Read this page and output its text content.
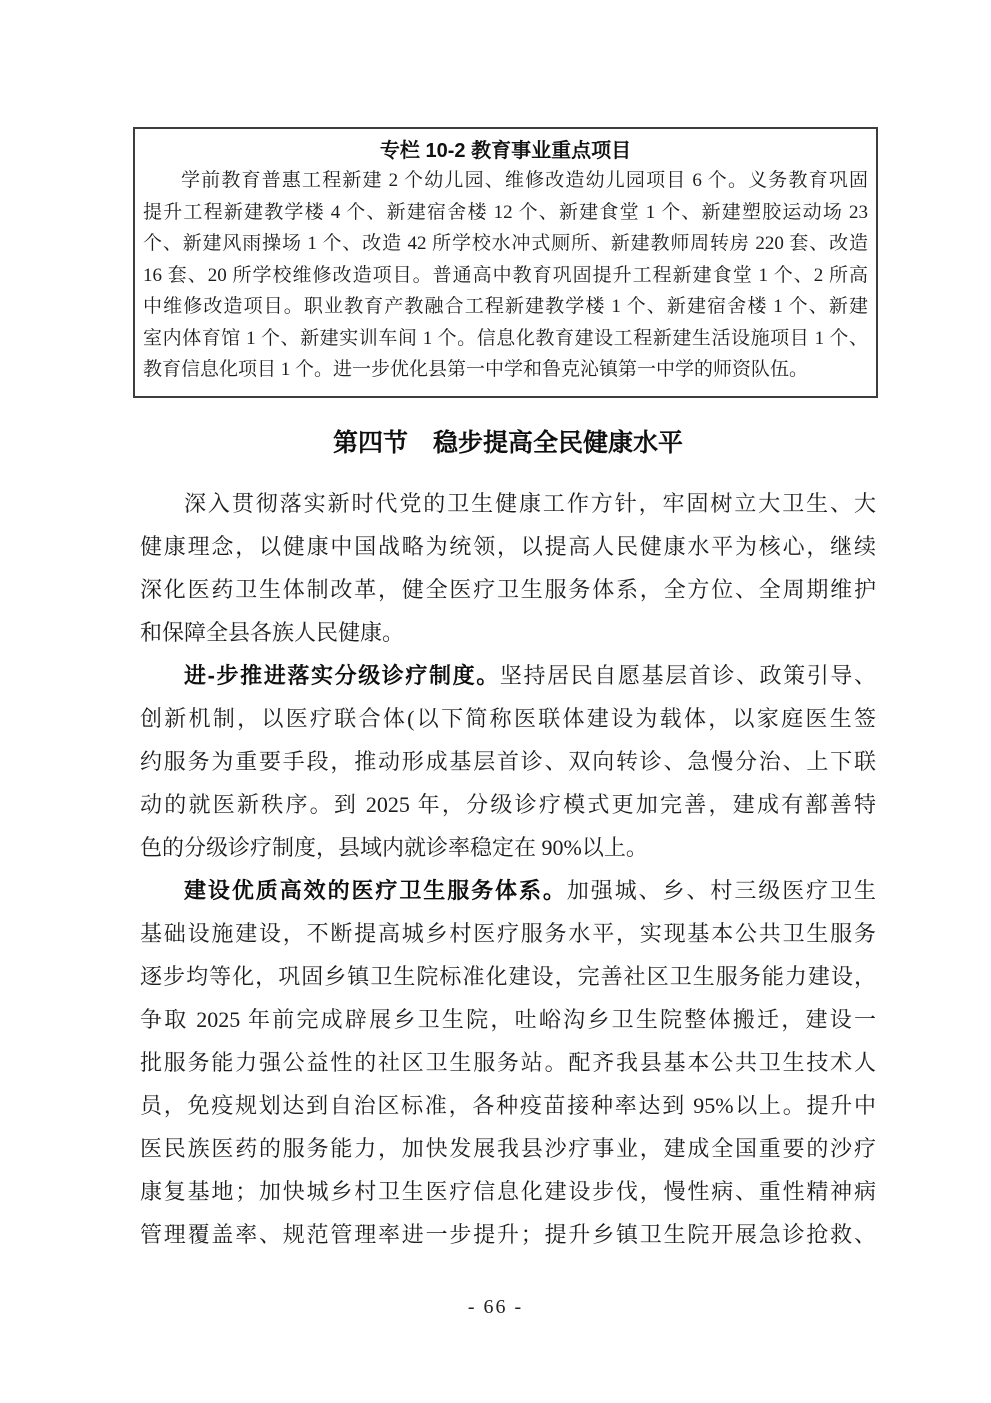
专栏 10-2 教育事业重点项目
学前教育普惠工程新建 2 个幼儿园、维修改造幼儿园项目 6 个。义务教育巩固
提升工程新建教学楼 4 个、新建宿舍楼 12 个、新建食堂 1 个、新建塑胶运动场 23
个、新建风雨操场 1 个、改造 42 所学校水冲式厕所、新建教师周转房 220 套、改造
16 套、20 所学校维修改造项目。普通高中教育巩固提升工程新建食堂 1 个、2 所高
中维修改造项目。职业教育产教融合工程新建教学楼 1 个、新建宿舍楼 1 个、新建
室内体育馆 1 个、新建实训车间 1 个。信息化教育建设工程新建生活设施项目 1 个、
教育信息化项目 1 个。进一步优化县第一中学和鲁克沁镇第一中学的师资队伍。
第四节　稳步提高全民健康水平
深入贯彻落实新时代党的卫生健康工作方针，牢固树立大卫生、大
健康理念，以健康中国战略为统领，以提高人民健康水平为核心，继续
深化医药卫生体制改革，健全医疗卫生服务体系，全方位、全周期维护
和保障全县各族人民健康。
进-步推进落实分级诊疗制度。坚持居民自愿基层首诊、政策引导、
创新机制，以医疗联合体(以下简称医联体建设为载体，以家庭医生签
约服务为重要手段，推动形成基层首诊、双向转诊、急慢分治、上下联
动的就医新秩序。到 2025 年，分级诊疗模式更加完善，建成有鄯善特
色的分级诊疗制度，县域内就诊率稳定在 90%以上。
建设优质高效的医疗卫生服务体系。加强城、乡、村三级医疗卫生
基础设施建设，不断提高城乡村医疗服务水平，实现基本公共卫生服务
逐步均等化，巩固乡镇卫生院标准化建设，完善社区卫生服务能力建设，
争取 2025 年前完成辟展乡卫生院，吐峪沟乡卫生院整体搬迁，建设一
批服务能力强公益性的社区卫生服务站。配齐我县基本公共卫生技术人
员，免疫规划达到自治区标准，各种疫苗接种率达到 95%以上。提升中
医民族医药的服务能力，加快发展我县沙疗事业，建成全国重要的沙疗
康复基地；加快城乡村卫生医疗信息化建设步伐，慢性病、重性精神病
管理覆盖率、规范管理率进一步提升；提升乡镇卫生院开展急诊抢救、
- 66 -
